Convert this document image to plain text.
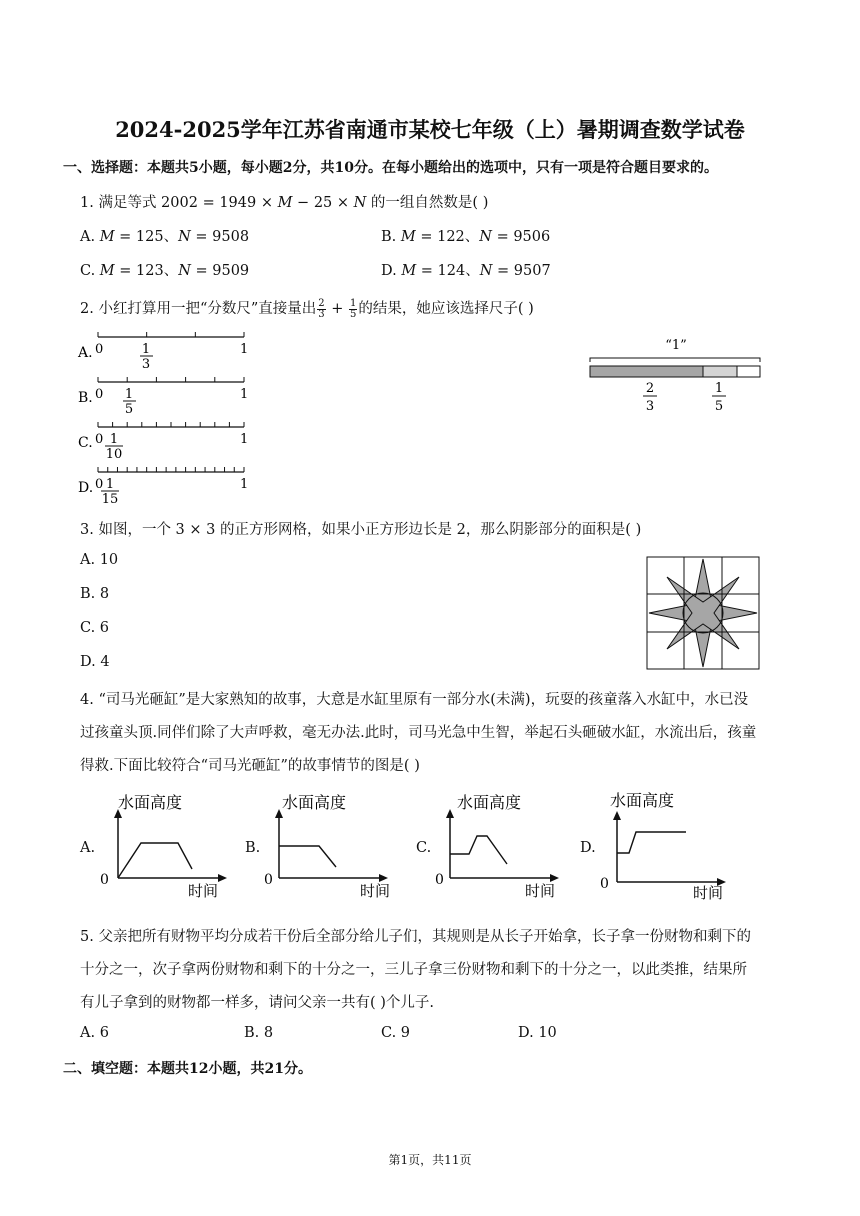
2024-2025学年江苏省南通市某校七年级（上）暑期调查数学试卷
一、选择题：本题共5小题，每小题2分，共10分。在每小题给出的选项中，只有一项是符合题目要求的。
1. 满足等式 2002 = 1949 × M − 25 × N 的一组自然数是( )
A. M = 125、N = 9508	B. M = 122、N = 9506
C. M = 123、N = 9509	D. M = 124、N = 9507
2. 小红打算用一把“分数尺”直接量出 $\frac{2}{3} + \frac{1}{5}$ 的结果，她应该选择尺子( )
A.
B.
C.
D.
0	1
0	1
0	1
0	1
1
3
1
5
1
10
1
15
“1”
2
3
1
5
3. 如图，一个 3 × 3 的正方形网格，如果小正方形边长是 2，那么阴影部分的面积是( )
A. 10
B. 8
C. 6
D. 4
4. “司马光砸缸”是大家熟知的故事，大意是水缸里原有一部分水(未满)，玩耍的孩童落入水缸中，水已没
过孩童头顶.同伴们除了大声呼救，毫无办法.此时，司马光急中生智，举起石头砸破水缸，水流出后，孩童
得救.下面比较符合“司马光砸缸”的故事情节的图是( )
A.	B.	C.	D.
水面高度
时间
0
水面高度
时间
0
水面高度
时间
0
水面高度
时间
0
5. 父亲把所有财物平均分成若干份后全部分给儿子们，其规则是从长子开始拿，长子拿一份财物和剩下的
十分之一，次子拿两份财物和剩下的十分之一，三儿子拿三份财物和剩下的十分之一，以此类推，结果所
有儿子拿到的财物都一样多，请问父亲一共有( )个儿子.
A. 6	B. 8	C. 9	D. 10
二、填空题：本题共12小题，共21分。
第1页，共11页
